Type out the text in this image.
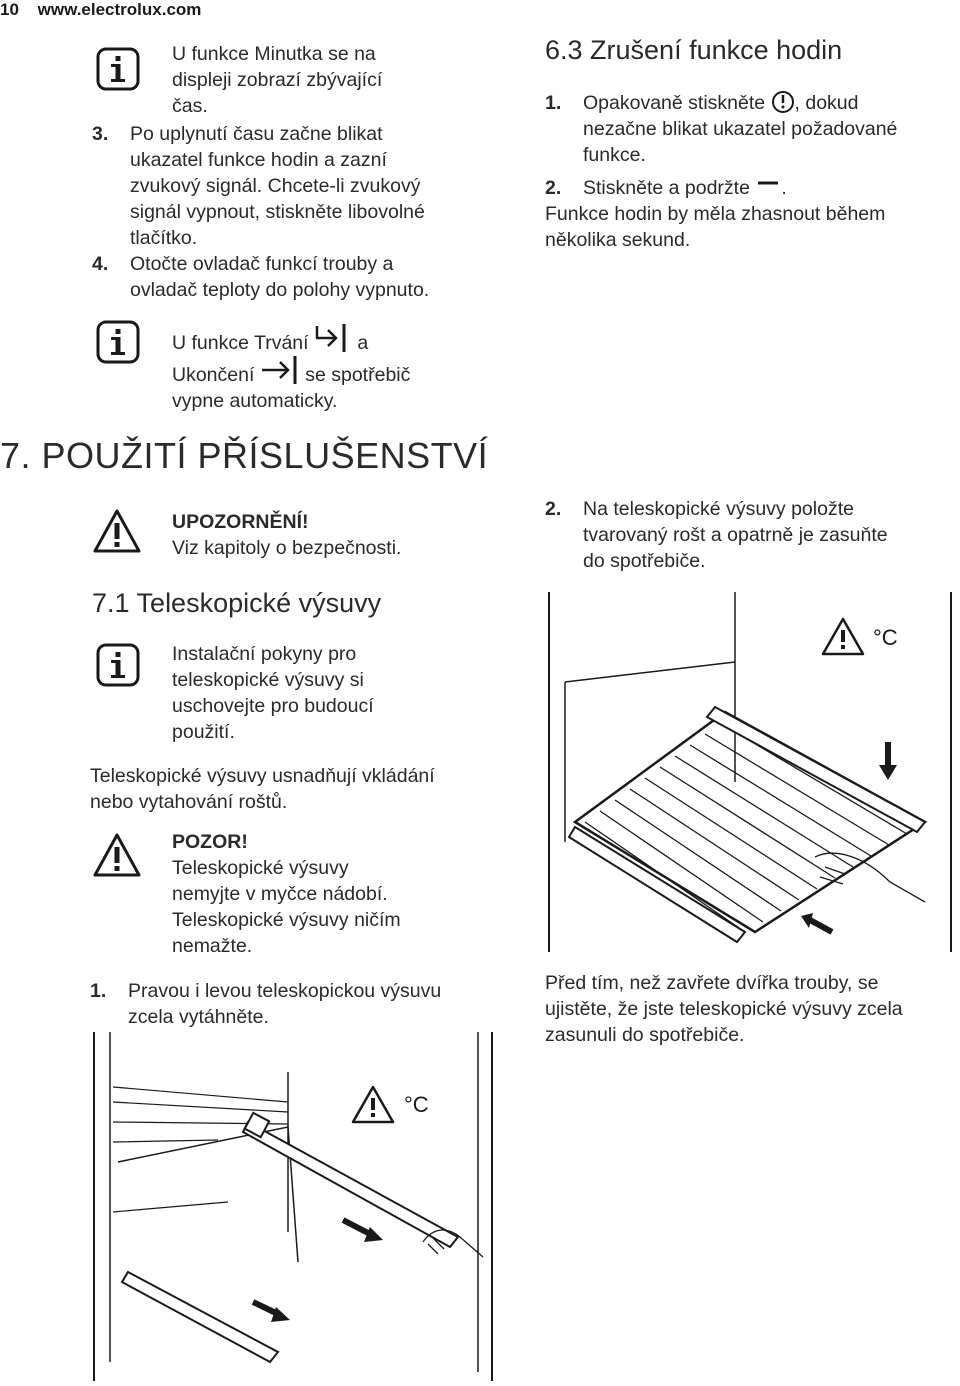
10 www.electrolux.com
U funkce Minutka se na
displeji zobrazí zbývající
čas.
3.	Po uplynutí času začne blikat
ukazatel funkce hodin a zazní
zvukový signál. Chcete-li zvukový
signál vypnout, stiskněte libovolné
tlačítko.
4.	Otočte ovladač funkcí trouby a
ovladač teploty do polohy vypnuto.
U funkce Trvání	a
Ukončení	se spotřebič
vypne automaticky.
7. POUŽITÍ PŘÍSLUŠENSTVÍ
UPOZORNĚNÍ!
Viz kapitoly o bezpečnosti.
7.1 Teleskopické výsuvy
Instalační pokyny pro
teleskopické výsuvy si
uschovejte pro budoucí
použití.
Teleskopické výsuvy usnadňují vkládání
nebo vytahování roštů.
POZOR!
Teleskopické výsuvy
nemyjte v myčce nádobí.
Teleskopické výsuvy ničím
nemažte.
1.	Pravou i levou teleskopickou výsuvu
zcela vytáhněte.
°C
6.3 Zrušení funkce hodin
1.	Opakovaně stiskněte , dokud
nezačne blikat ukazatel požadované
funkce.
2.	Stiskněte a podržte .
Funkce hodin by měla zhasnout během
několika sekund.
2.	Na teleskopické výsuvy položte
tvarovaný rošt a opatrně je zasuňte
do spotřebiče.
°C
Před tím, než zavřete dvířka trouby, se
ujistěte, že jste teleskopické výsuvy zcela
zasunuli do spotřebiče.
